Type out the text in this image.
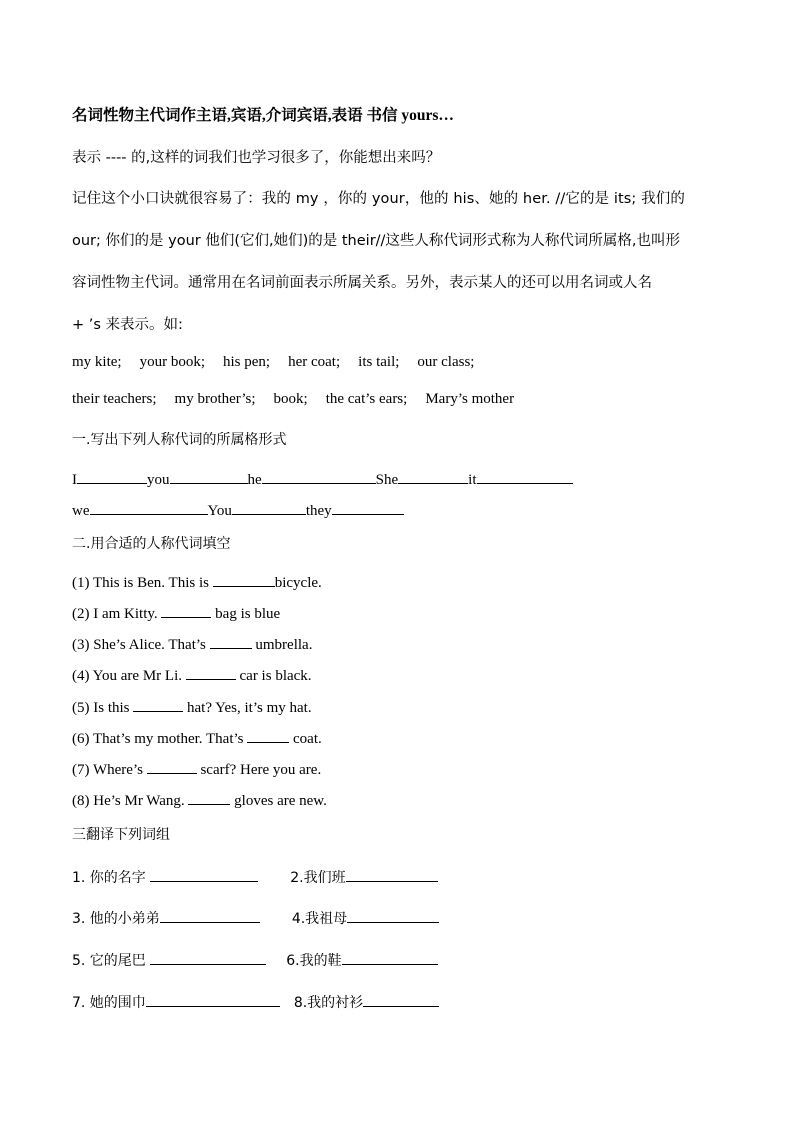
名词性物主代词作主语,宾语,介词宾语,表语 书信 yours…
表示 ---- 的,这样的词我们也学习很多了，你能想出来吗？
记住这个小口诀就很容易了：我的 my ，你的 your，他的 his、她的 her. //它的是 its; 我们的
our; 你们的是 your 他们(它们,她们)的是 their//这些人称代词形式称为人称代词所属格,也叫形
容词性物主代词。通常用在名词前面表示所属关系。另外，表示某人的还可以用名词或人名
+ ’s 来表示。如:
my kite; your book; his pen; her coat; its tail; our class;
their teachers; my brother’s; book; the cat’s ears; Mary’s mother
一.写出下列人称代词的所属格形式
I	you	he	She	it
we	You	they
二.用合适的人称代词填空
(1) This is Ben. This is	bicycle.
(2) I am Kitty.	bag is blue
(3) She’s Alice. That’s	umbrella.
(4) You are Mr Li.	car is black.
(5) Is this	hat? Yes, it’s my hat.
(6) That’s my mother. That’s	coat.
(7) Where’s	scarf? Here you are.
(8) He’s Mr Wang.	gloves are new.
三翻译下列词组
1. 你的名字	2.我们班
3. 他的小弟弟	4.我祖母
5. 它的尾巴	6.我的鞋
7. 她的围巾	8.我的衬衫
